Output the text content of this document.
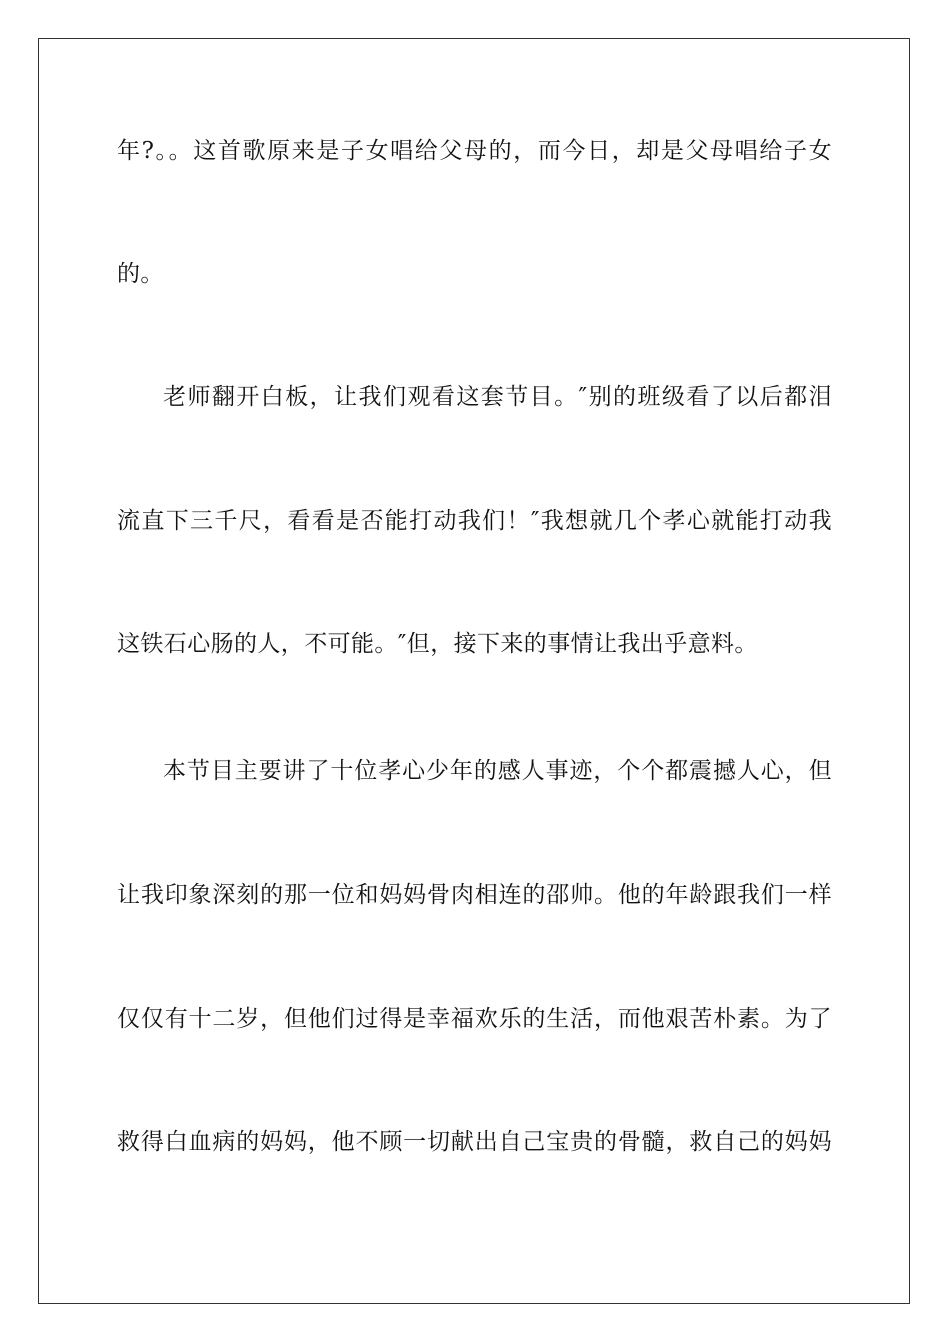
年?。。这首歌原来是子女唱给父母的，而今日，却是父母唱给子女
的。
老师翻开白板，让我们观看这套节目。″别的班级看了以后都泪
流直下三千尺，看看是否能打动我们！″我想就几个孝心就能打动我
这铁石心肠的人，不可能。″但，接下来的事情让我出乎意料。
本节目主要讲了十位孝心少年的感人事迹，个个都震撼人心，但
让我印象深刻的那一位和妈妈骨肉相连的邵帅。他的年龄跟我们一样
仅仅有十二岁，但他们过得是幸福欢乐的生活，而他艰苦朴素。为了
救得白血病的妈妈，他不顾一切献出自己宝贵的骨髓，救自己的妈妈
